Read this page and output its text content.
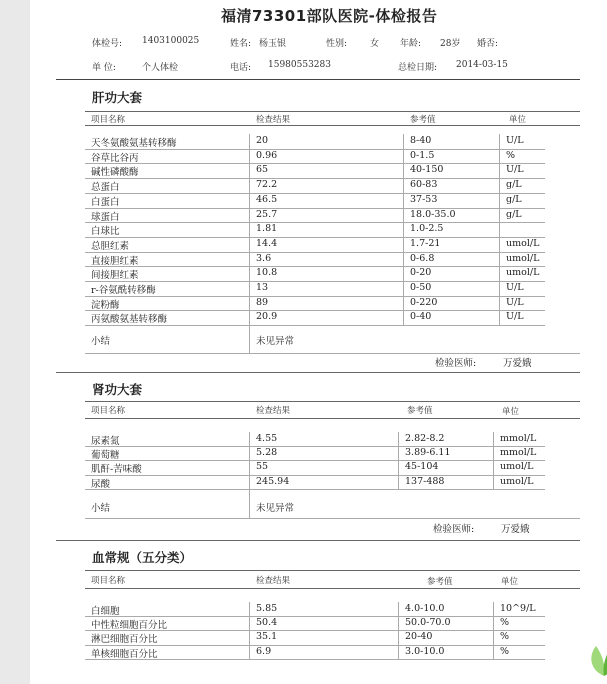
福清73301部队医院-体检报告
体检号: 1403100025	姓名: 杨玉银	性别:	女 年龄: 28岁 婚否:
单 位:	个人体检	电话: 15980553283	总检日期: 2014-03-15
肝功大套
项目名称	检查结果	参考值	单位
天冬氨酸氨基转移酶	20	8-40	U/L
谷草比谷丙	0.96	0-1.5	%
碱性磷酸酶	65	40-150	U/L
总蛋白	72.2	60-83	g/L
白蛋白	46.5	37-53	g/L
球蛋白	25.7	18.0-35.0	g/L
白球比	1.81	1.0-2.5
总胆红素	14.4	1.7-21	umol/L
直接胆红素	3.6	0-6.8	umol/L
间接胆红素	10.8	0-20	umol/L
r-谷氨酰转移酶	13	0-50	U/L
淀粉酶	89	0-220	U/L
丙氨酸氨基转移酶	20.9	0-40	U/L
小结	未见异常
检验医师:	万爱娥
肾功大套
项目名称	检查结果	参考值	单位
尿素氮	4.55	2.82-8.2	mmol/L
葡萄糖	5.28	3.89-6.11	mmol/L
肌酐-苦味酸	55	45-104	umol/L
尿酸	245.94	137-488	umol/L
小结	未见异常
检验医师:	万爱娥
血常规（五分类）
项目名称	检查结果	参考值	单位
白细胞	5.85	4.0-10.0	10^9/L
中性粒细胞百分比	50.4	50.0-70.0	%
淋巴细胞百分比	35.1	20-40	%
单核细胞百分比	6.9	3.0-10.0	%
